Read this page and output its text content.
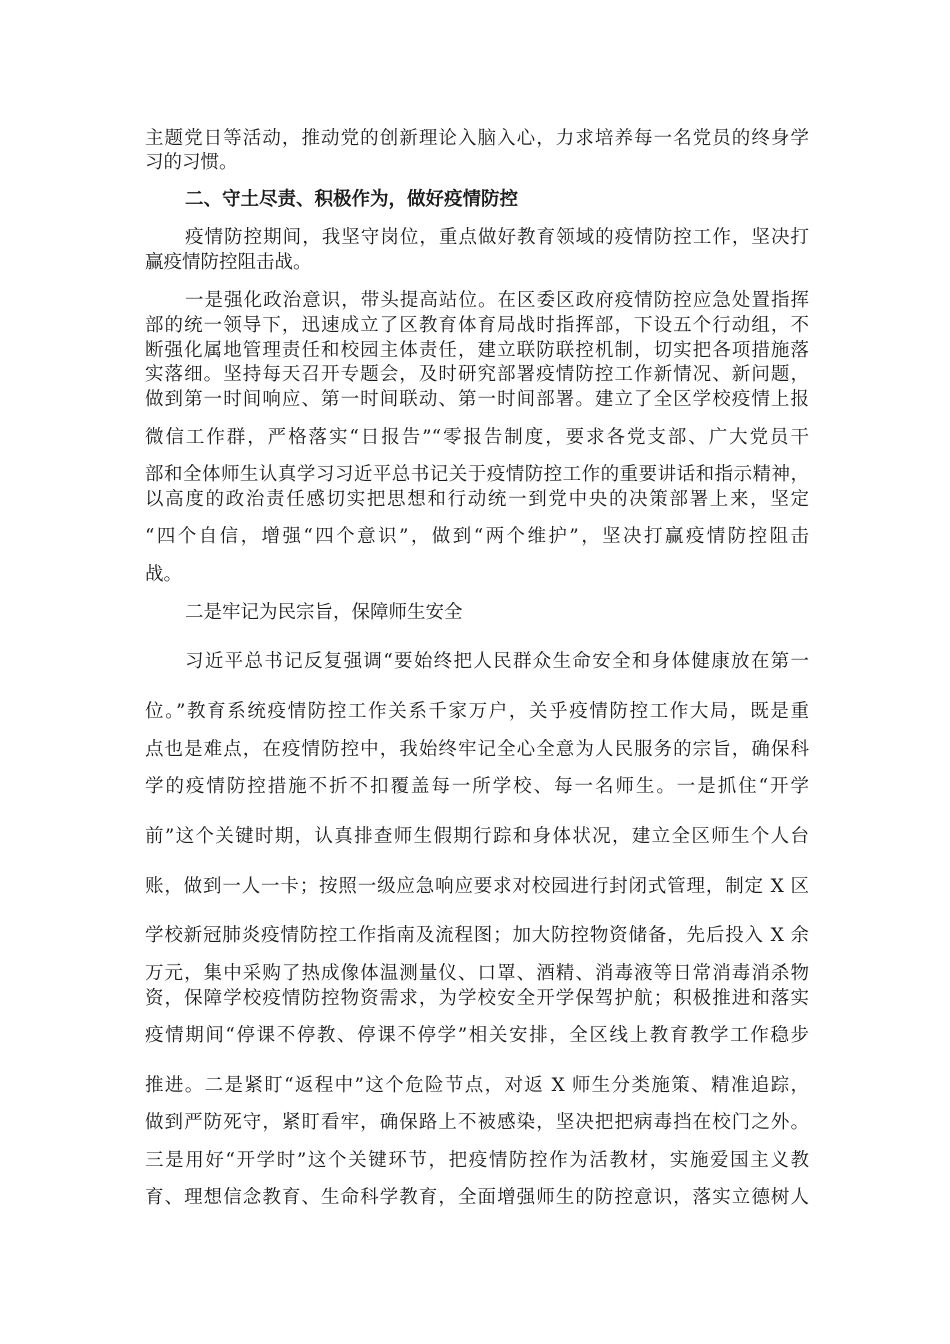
主题党日等活动，推动党的创新理论入脑入心，力求培养每一名党员的终身学
习的习惯。
二、守土尽责、积极作为，做好疫情防控
疫情防控期间，我坚守岗位，重点做好教育领域的疫情防控工作，坚决打
赢疫情防控阻击战。
一是强化政治意识，带头提高站位。在区委区政府疫情防控应急处置指挥
部的统一领导下，迅速成立了区教育体育局战时指挥部，下设五个行动组，不
断强化属地管理责任和校园主体责任，建立联防联控机制，切实把各项措施落
实落细。坚持每天召开专题会，及时研究部署疫情防控工作新情况、新问题，
做到第一时间响应、第一时间联动、第一时间部署。建立了全区学校疫情上报
微信工作群，严格落实“日报告”“零报告制度，要求各党支部、广大党员干
部和全体师生认真学习习近平总书记关于疫情防控工作的重要讲话和指示精神，
以高度的政治责任感切实把思想和行动统一到党中央的决策部署上来，坚定
“四个自信，增强“四个意识”，做到“两个维护”，坚决打赢疫情防控阻击
战。
二是牢记为民宗旨，保障师生安全
习近平总书记反复强调“要始终把人民群众生命安全和身体健康放在第一
位。”教育系统疫情防控工作关系千家万户，关乎疫情防控工作大局，既是重
点也是难点，在疫情防控中，我始终牢记全心全意为人民服务的宗旨，确保科
学的疫情防控措施不折不扣覆盖每一所学校、每一名师生。一是抓住“开学
前”这个关键时期，认真排查师生假期行踪和身体状况，建立全区师生个人台
账，做到一人一卡；按照一级应急响应要求对校园进行封闭式管理，制定 X 区
学校新冠肺炎疫情防控工作指南及流程图；加大防控物资储备，先后投入 X 余
万元，集中采购了热成像体温测量仪、口罩、酒精、消毒液等日常消毒消杀物
资，保障学校疫情防控物资需求，为学校安全开学保驾护航；积极推进和落实
疫情期间“停课不停教、停课不停学”相关安排，全区线上教育教学工作稳步
推进。二是紧盯“返程中”这个危险节点，对返 X 师生分类施策、精准追踪，
做到严防死守，紧盯看牢，确保路上不被感染，坚决把把病毒挡在校门之外。
三是用好“开学时”这个关键环节，把疫情防控作为活教材，实施爱国主义教
育、理想信念教育、生命科学教育，全面增强师生的防控意识，落实立德树人
